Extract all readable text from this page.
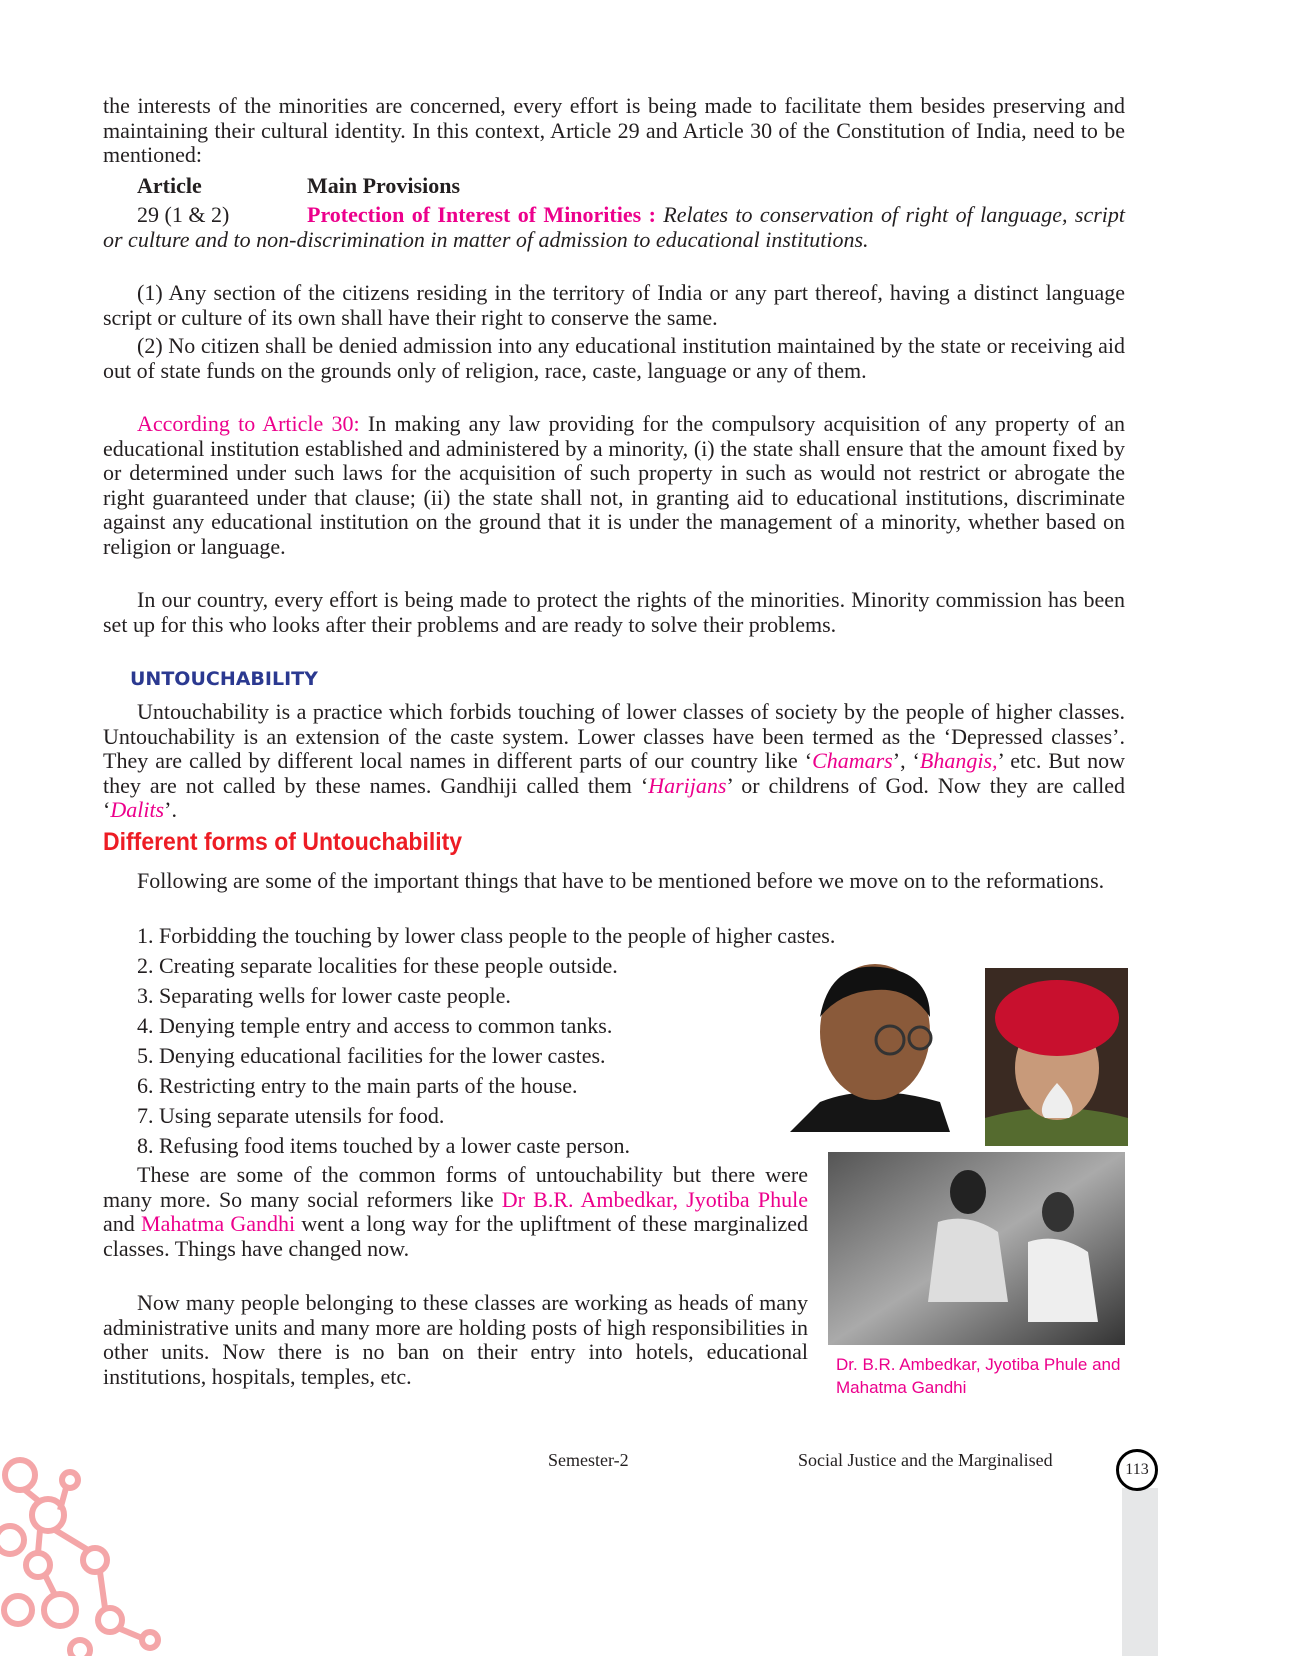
the interests of the minorities are concerned, every effort is being made to facilitate them besides preserving and maintaining their cultural identity. In this context, Article 29 and Article 30 of the Constitution of India, need to be mentioned:

Article	Main Provisions

29 (1 & 2)	Protection of Interest of Minorities : Relates to conservation of right of language, script or culture and to non-discrimination in matter of admission to educational institutions.

(1) Any section of the citizens residing in the territory of India or any part thereof, having a distinct language script or culture of its own shall have their right to conserve the same.

(2) No citizen shall be denied admission into any educational institution maintained by the state or receiving aid out of state funds on the grounds only of religion, race, caste, language or any of them.

According to Article 30: In making any law providing for the compulsory acquisition of any property of an educational institution established and administered by a minority, (i) the state shall ensure that the amount fixed by or determined under such laws for the acquisition of such property in such as would not restrict or abrogate the right guaranteed under that clause; (ii) the state shall not, in granting aid to educational institutions, discriminate against any educational institution on the ground that it is under the management of a minority, whether based on religion or language.

In our country, every effort is being made to protect the rights of the minorities. Minority commission has been set up for this who looks after their problems and are ready to solve their problems.

UNTOUCHABILITY

Untouchability is a practice which forbids touching of lower classes of society by the people of higher classes. Untouchability is an extension of the caste system. Lower classes have been termed as the ‘Depressed classes’. They are called by different local names in different parts of our country like ‘Chamars’, ‘Bhangis,’ etc. But now they are not called by these names. Gandhiji called them ‘Harijans’ or childrens of God. Now they are called ‘Dalits’.

Different forms of Untouchability

Following are some of the important things that have to be mentioned before we move on to the reformations.

1. Forbidding the touching by lower class people to the people of higher castes.
2. Creating separate localities for these people outside.
3. Separating wells for lower caste people.
4. Denying temple entry and access to common tanks.
5. Denying educational facilities for the lower castes.
6. Restricting entry to the main parts of the house.
7. Using separate utensils for food.
8. Refusing food items touched by a lower caste person.

These are some of the common forms of untouchability but there were many more. So many social reformers like Dr B.R. Ambedkar, Jyotiba Phule and Mahatma Gandhi went a long way for the upliftment of these marginalized classes. Things have changed now.

Now many people belonging to these classes are working as heads of many administrative units and many more are holding posts of high responsibilities in other units. Now there is no ban on their entry into hotels, educational institutions, hospitals, temples, etc.	Dr. B.R. Ambedkar, Jyotiba Phule and Mahatma Gandhi
Semester-2	Social Justice and the Marginalised	113
